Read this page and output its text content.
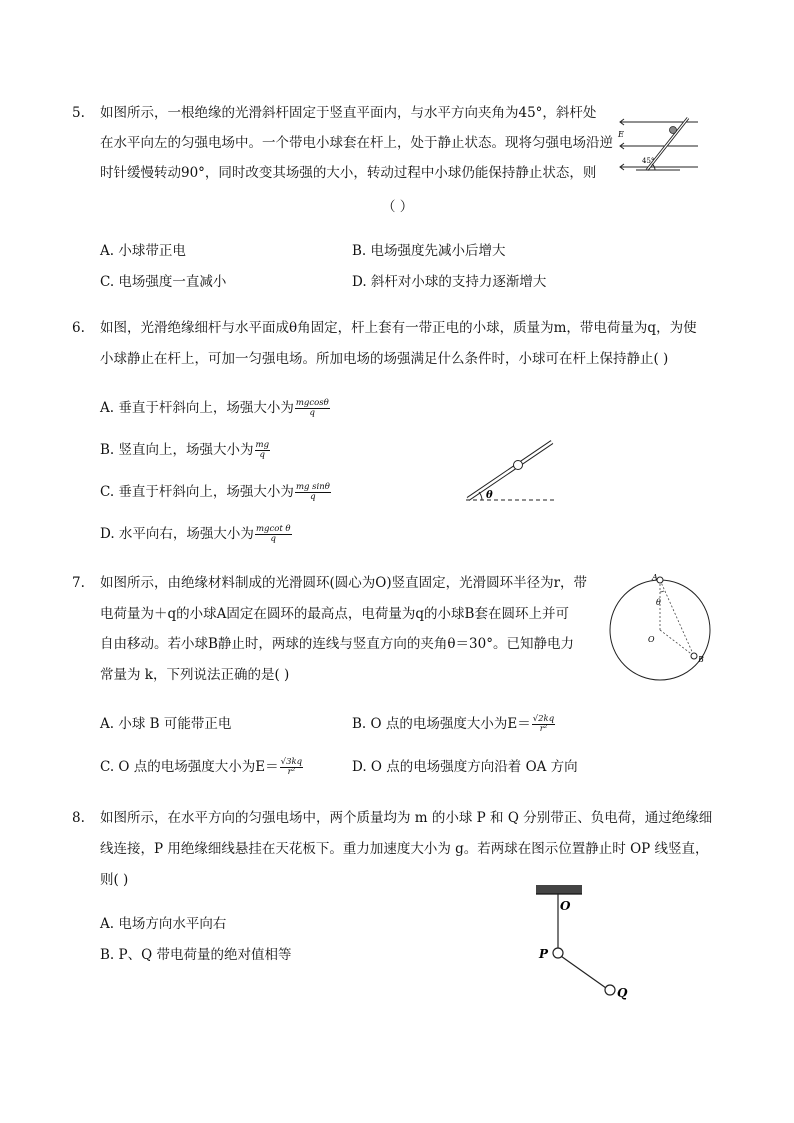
5. 如图所示，一根绝缘的光滑斜杆固定于竖直平面内，与水平方向夹角为45°，斜杆处
在水平向左的匀强电场中。一个带电小球套在杆上，处于静止状态。现将匀强电场沿逆
时针缓慢转动90°，同时改变其场强的大小，转动过程中小球仍能保持静止状态，则
（ ）
A. 小球带正电	B. 电场强度先减小后增大
C. 电场强度一直减小	D. 斜杆对小球的支持力逐渐增大
E
45°
6. 如图，光滑绝缘细杆与水平面成θ角固定，杆上套有一带正电的小球，质量为m，带电荷量为q，为使
小球静止在杆上，可加一匀强电场。所加电场的场强满足什么条件时，小球可在杆上保持静止( )
A. 垂直于杆斜向上，场强大小为 $\frac{mgcos\theta}{q}$
B. 竖直向上，场强大小为 $\frac{mg}{q}$
C. 垂直于杆斜向上，场强大小为 $\frac{\text{mg sinθ}}{q}$
D. 水平向右，场强大小为 $\frac{\text{mgcot θ}}{q}$
θ
7. 如图所示，由绝缘材料制成的光滑圆环(圆心为O)竖直固定，光滑圆环半径为r，带
电荷量为＋q的小球A固定在圆环的最高点，电荷量为q的小球B套在圆环上并可
自由移动。若小球B静止时，两球的连线与竖直方向的夹角θ＝30°。已知静电力
常量为 k，下列说法正确的是( )
A. 小球 B 可能带正电	B. O 点的电场强度大小为$E= \frac{√2kq}{\text{r²}}$
C. O 点的电场强度大小为$E= \frac{√3kq}{\text{r²}}$	D. O 点的电场强度方向沿着 OA 方向
A
B
O
θ
8. 如图所示，在水平方向的匀强电场中，两个质量均为 m 的小球 P 和 Q 分别带正、负电荷，通过绝缘细
线连接，P 用绝缘细线悬挂在天花板下。重力加速度大小为 g。若两球在图示位置静止时 OP 线竖直，
则( )
A. 电场方向水平向右
B. P、Q 带电荷量的绝对值相等
O
P
Q
